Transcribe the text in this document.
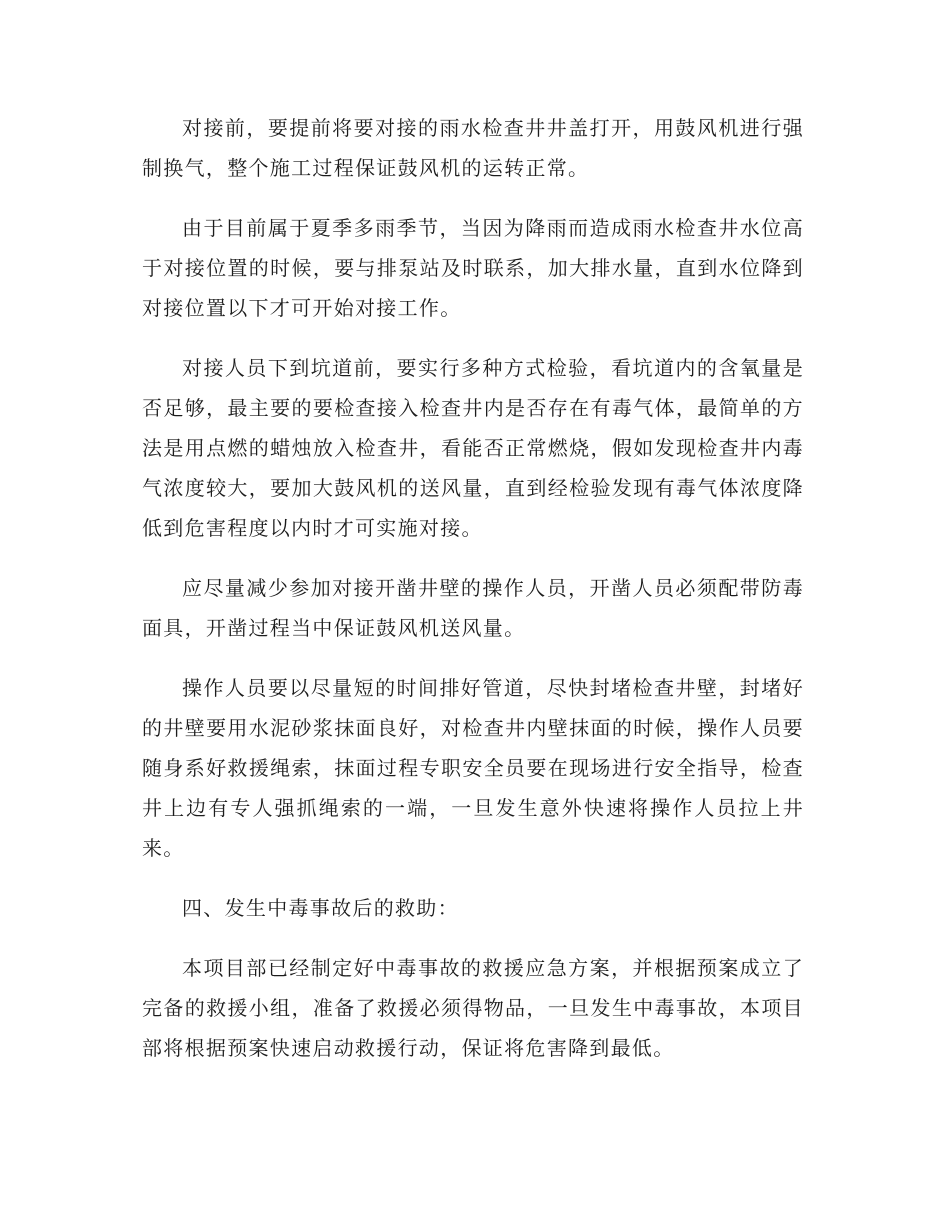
对接前，要提前将要对接的雨水检查井井盖打开，用鼓风机进行强制换气，整个施工过程保证鼓风机的运转正常。

由于目前属于夏季多雨季节，当因为降雨而造成雨水检查井水位高于对接位置的时候，要与排泵站及时联系，加大排水量，直到水位降到对接位置以下才可开始对接工作。

对接人员下到坑道前，要实行多种方式检验，看坑道内的含氧量是否足够，最主要的要检查接入检查井内是否存在有毒气体，最简单的方法是用点燃的蜡烛放入检查井，看能否正常燃烧，假如发现检查井内毒气浓度较大，要加大鼓风机的送风量，直到经检验发现有毒气体浓度降低到危害程度以内时才可实施对接。

应尽量减少参加对接开凿井壁的操作人员，开凿人员必须配带防毒面具，开凿过程当中保证鼓风机送风量。

操作人员要以尽量短的时间排好管道，尽快封堵检查井壁，封堵好的井壁要用水泥砂浆抹面良好，对检查井内壁抹面的时候，操作人员要随身系好救援绳索，抹面过程专职安全员要在现场进行安全指导，检查井上边有专人强抓绳索的一端，一旦发生意外快速将操作人员拉上井来。

四、发生中毒事故后的救助：

本项目部已经制定好中毒事故的救援应急方案，并根据预案成立了完备的救援小组，准备了救援必须得物品，一旦发生中毒事故，本项目部将根据预案快速启动救援行动，保证将危害降到最低。
